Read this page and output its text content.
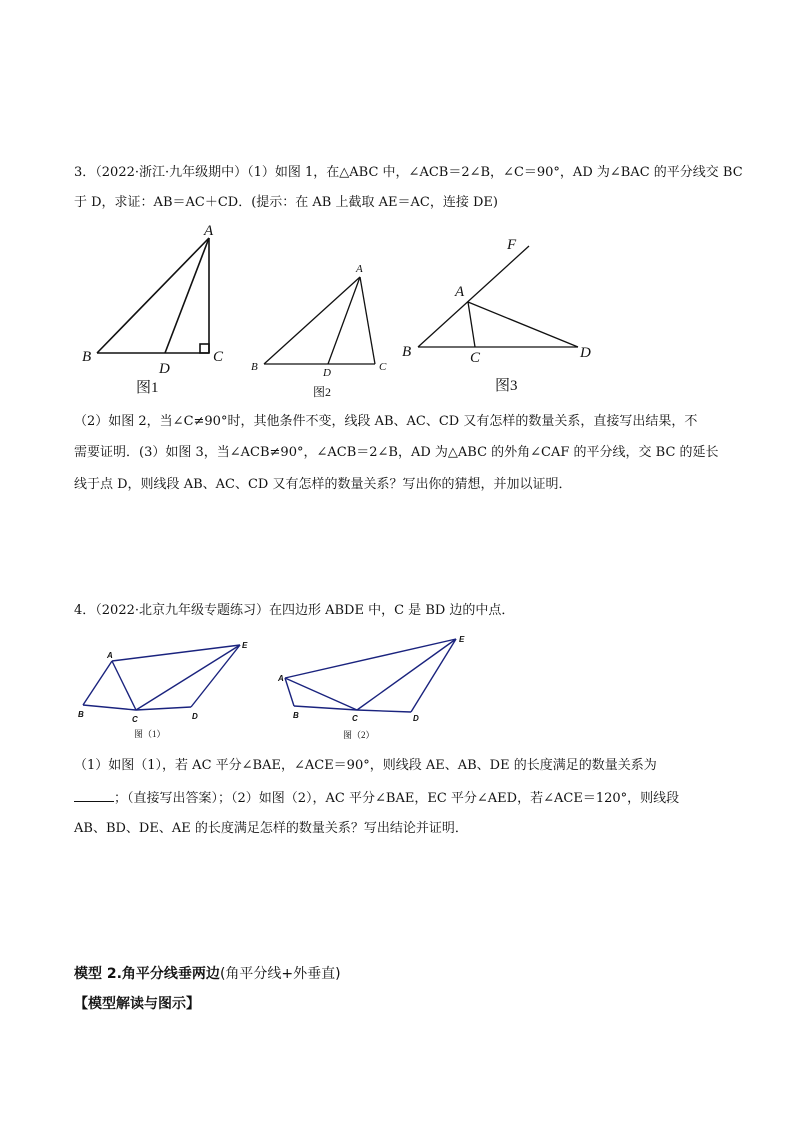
3．（2022·浙江·九年级期中）（1）如图 1，在△ABC 中，∠ACB＝2∠B，∠C＝90°，AD 为∠BAC 的平分线交 BC
于 D，求证：AB＝AC＋CD．(提示：在 AB 上截取 AE＝AC，连接 DE)
A
B	C
D
图1
A
B	C
D
图2
F
A
B	C	D
图3
（2）如图 2，当∠C≠90°时，其他条件不变，线段 AB、AC、CD 又有怎样的数量关系，直接写出结果，不
需要证明．(3）如图 3，当∠ACB≠90°，∠ACB＝2∠B，AD 为△ABC 的外角∠CAF 的平分线，交 BC 的延长
线于点 D，则线段 AB、AC、CD 又有怎样的数量关系？写出你的猜想，并加以证明．
4．（2022·北京九年级专题练习）在四边形 ABDE 中，C 是 BD 边的中点．
A
B
C	D
E
图（1）
A
B	C	D
E
图（2）
（1）如图（1），若 AC 平分∠BAE，∠ACE＝90°，则线段 AE、AB、DE 的长度满足的数量关系为
；（直接写出答案）；（2）如图（2），AC 平分∠BAE，EC 平分∠AED，若∠ACE＝120°，则线段
AB、BD、DE、AE 的长度满足怎样的数量关系？写出结论并证明．
模型 2.角平分线垂两边(角平分线+外垂直)
【模型解读与图示】
